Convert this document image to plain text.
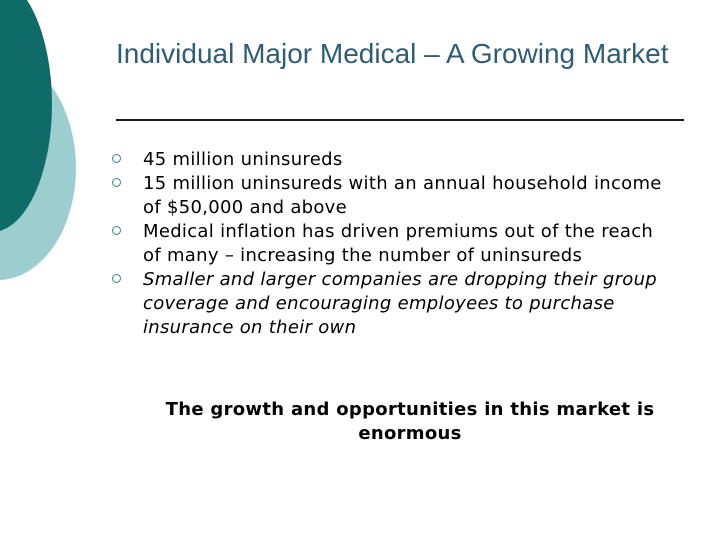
Individual Major Medical – A Growing Market
45 million uninsureds
15 million uninsureds with an annual household income of $50,000 and above
Medical inflation has driven premiums out of the reach of many – increasing the number of uninsureds
Smaller and larger companies are dropping their group coverage and encouraging employees to purchase insurance on their own

The growth and opportunities in this market is enormous
